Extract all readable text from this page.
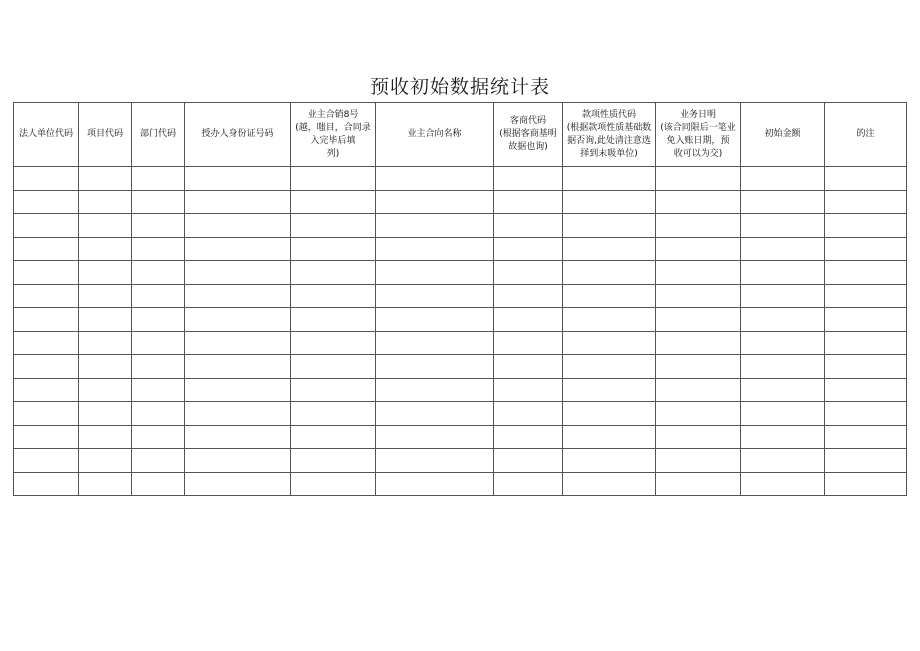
预收初始数据统计表
法人单位代码	项目代码	部门代码	授办人身份证号码	业主合销8号
(越，嗤目，合同录
入完毕后填
列)	业主合向名称	客商代码
(根据客商基明
故据也询)	款项性质代码
(根据款项性质基础数
据否询,此处清注意选
择到末吸单位)	业务日明
(该合同限后一笔业
免入账日期，预
收可以为交)	初始金额	的注
